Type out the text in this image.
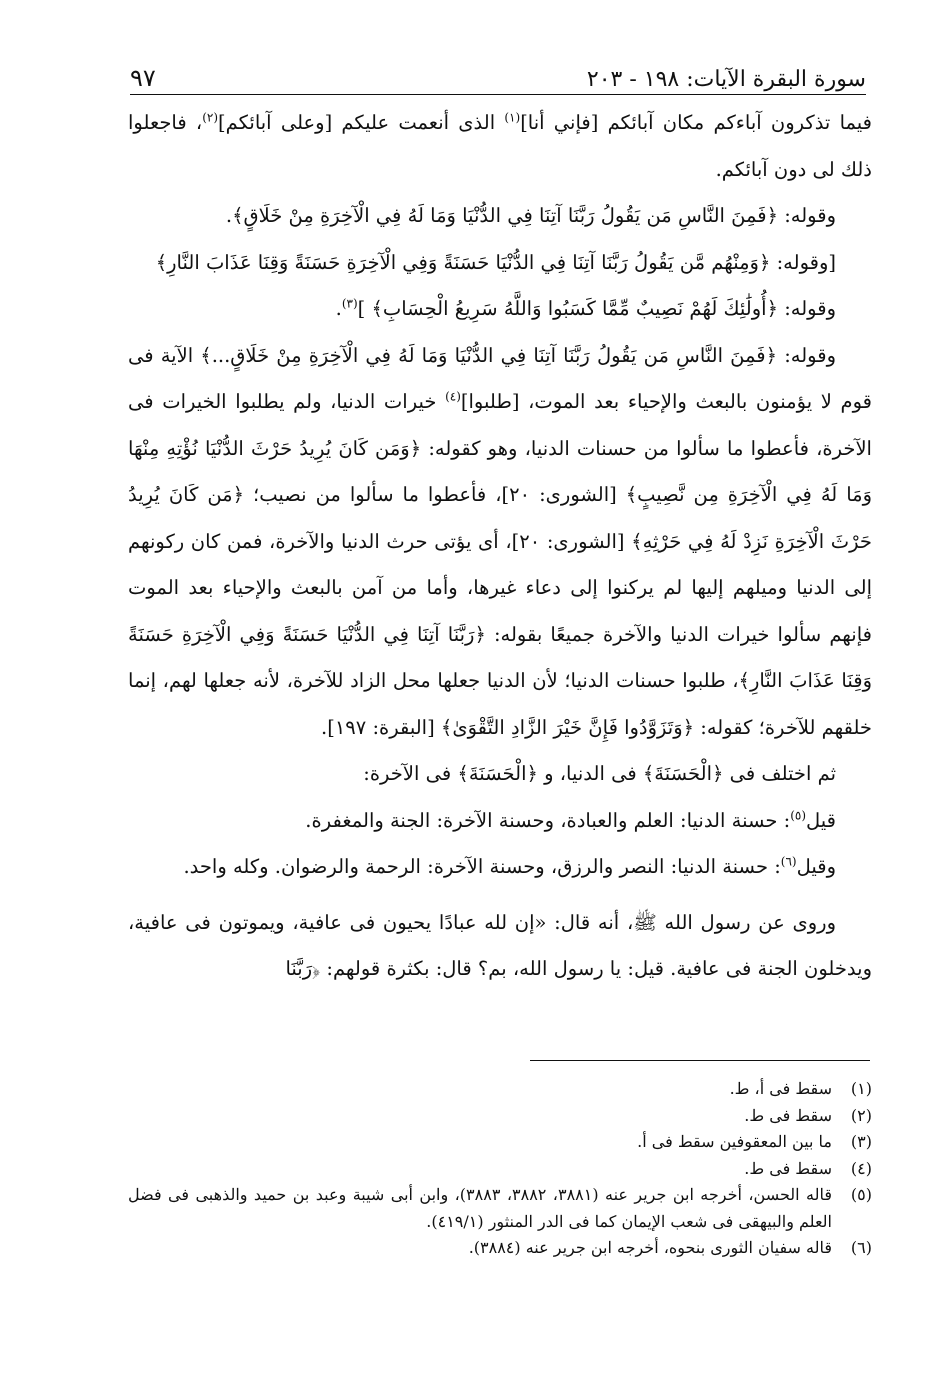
سورة البقرة الآيات: ١٩٨ - ٢٠٣
٩٧

فيما تذكرون آباءكم مكان آبائكم [فإني أنا]$^{(١)}$ الذى أنعمت عليكم [وعلى آبائكم]$^{(٢)}$، فاجعلوا ذلك لى دون آبائكم.

وقوله: ﴿فَمِنَ النَّاسِ مَن يَقُولُ رَبَّنَا آتِنَا فِي الدُّنْيَا وَمَا لَهُ فِي الْآخِرَةِ مِنْ خَلَاقٍ﴾.

[وقوله: ﴿وَمِنْهُم مَّن يَقُولُ رَبَّنَا آتِنَا فِي الدُّنْيَا حَسَنَةً وَفِي الْآخِرَةِ حَسَنَةً وَقِنَا عَذَابَ النَّارِ﴾

وقوله: ﴿أُولَٰئِكَ لَهُمْ نَصِيبٌ مِّمَّا كَسَبُوا وَاللَّهُ سَرِيعُ الْحِسَابِ﴾ ]$^{(٣)}$.

وقوله: ﴿فَمِنَ النَّاسِ مَن يَقُولُ رَبَّنَا آتِنَا فِي الدُّنْيَا وَمَا لَهُ فِي الْآخِرَةِ مِنْ خَلَاقٍ...﴾ الآية فى قوم لا يؤمنون بالبعث والإحياء بعد الموت، [طلبوا]$^{(٤)}$ خيرات الدنيا، ولم يطلبوا الخيرات فى الآخرة، فأعطوا ما سألوا من حسنات الدنيا، وهو كقوله: ﴿وَمَن كَانَ يُرِيدُ حَرْثَ الدُّنْيَا نُؤْتِهِ مِنْهَا وَمَا لَهُ فِي الْآخِرَةِ مِن نَّصِيبٍ﴾ [الشورى: ٢٠]، فأعطوا ما سألوا من نصيب؛ ﴿مَن كَانَ يُرِيدُ حَرْثَ الْآخِرَةِ نَزِدْ لَهُ فِي حَرْثِهِ﴾ [الشورى: ٢٠]، أى يؤتى حرث الدنيا والآخرة، فمن كان ركونهم إلى الدنيا وميلهم إليها لم يركنوا إلى دعاء غيرها، وأما من آمن بالبعث والإحياء بعد الموت فإنهم سألوا خيرات الدنيا والآخرة جميعًا بقوله: ﴿رَبَّنَا آتِنَا فِي الدُّنْيَا حَسَنَةً وَفِي الْآخِرَةِ حَسَنَةً وَقِنَا عَذَابَ النَّارِ﴾، طلبوا حسنات الدنيا؛ لأن الدنيا جعلها محل الزاد للآخرة، لأنه جعلها لهم، إنما خلقهم للآخرة؛ كقوله: ﴿وَتَزَوَّدُوا فَإِنَّ خَيْرَ الزَّادِ التَّقْوَىٰ﴾ [البقرة: ١٩٧].

ثم اختلف فى ﴿الْحَسَنَةَ﴾ فى الدنيا، و ﴿الْحَسَنَةَ﴾ فى الآخرة:

قيل$^{(٥)}$: حسنة الدنيا: العلم والعبادة، وحسنة الآخرة: الجنة والمغفرة.

وقيل$^{(٦)}$: حسنة الدنيا: النصر والرزق، وحسنة الآخرة: الرحمة والرضوان. وكله واحد.

وروى عن رسول الله ﷺ، أنه قال: «إن لله عبادًا يحيون فى عافية، ويموتون فى عافية، ويدخلون الجنة فى عافية. قيل: يا رسول الله، بم؟ قال: بكثرة قولهم: ﴿رَبَّنَا

(١)
سقط فى أ، ط.
(٢)
سقط فى ط.
(٣)
ما بين المعقوفين سقط فى أ.
(٤)
سقط فى ط.
(٥)
قاله الحسن، أخرجه ابن جرير عنه (٣٨٨١، ٣٨٨٢، ٣٨٨٣)، وابن أبى شيبة وعبد بن حميد والذهبى فى فضل العلم والبيهقى فى شعب الإيمان كما فى الدر المنثور (٤١٩/١).
(٦)
قاله سفيان الثورى بنحوه، أخرجه ابن جرير عنه (٣٨٨٤).
